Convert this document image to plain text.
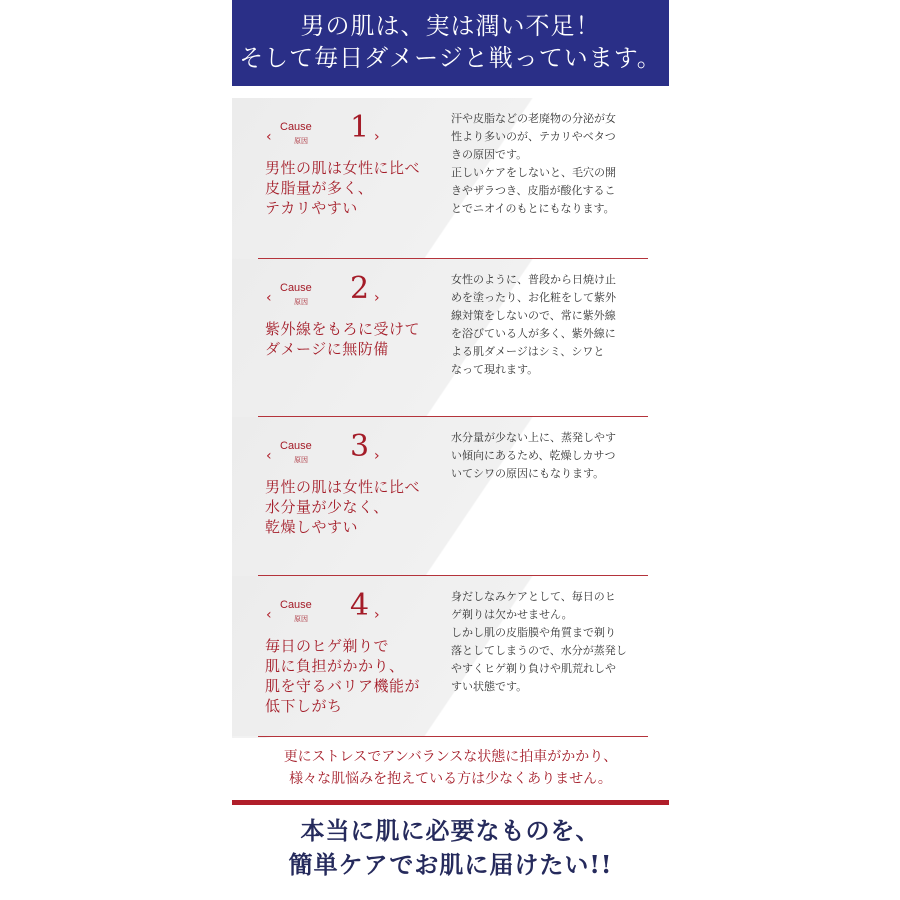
男の肌は、実は潤い不足！
そして毎日ダメージと戦っています。
‹
Cause
原因 1 ›
男性の肌は女性に比べ
皮脂量が多く、
テカリやすい
汗や皮脂などの老廃物の分泌が女
性より多いのが、テカリやベタつ
きの原因です。
正しいケアをしないと、毛穴の開
きやザラつき、皮脂が酸化するこ
とでニオイのもとにもなります。
‹
Cause
原因 2 ›
紫外線をもろに受けて
ダメージに無防備
女性のように、普段から日焼け止
めを塗ったり、お化粧をして紫外
線対策をしないので、常に紫外線
を浴びている人が多く、紫外線に
よる肌ダメージはシミ、シワと
なって現れます。
‹
Cause
原因 3 ›
男性の肌は女性に比べ
水分量が少なく、
乾燥しやすい
水分量が少ない上に、蒸発しやす
い傾向にあるため、乾燥しカサつ
いてシワの原因にもなります。
‹
Cause
原因 4 ›
毎日のヒゲ剃りで
肌に負担がかかり、
肌を守るバリア機能が
低下しがち
身だしなみケアとして、毎日のヒ
ゲ剃りは欠かせません。
しかし肌の皮脂膜や角質まで剃り
落としてしまうので、水分が蒸発し
やすくヒゲ剃り負けや肌荒れしや
すい状態です。
更にストレスでアンバランスな状態に拍車がかかり、
様々な肌悩みを抱えている方は少なくありません。
本当に肌に必要なものを、
簡単ケアでお肌に届けたい!!
